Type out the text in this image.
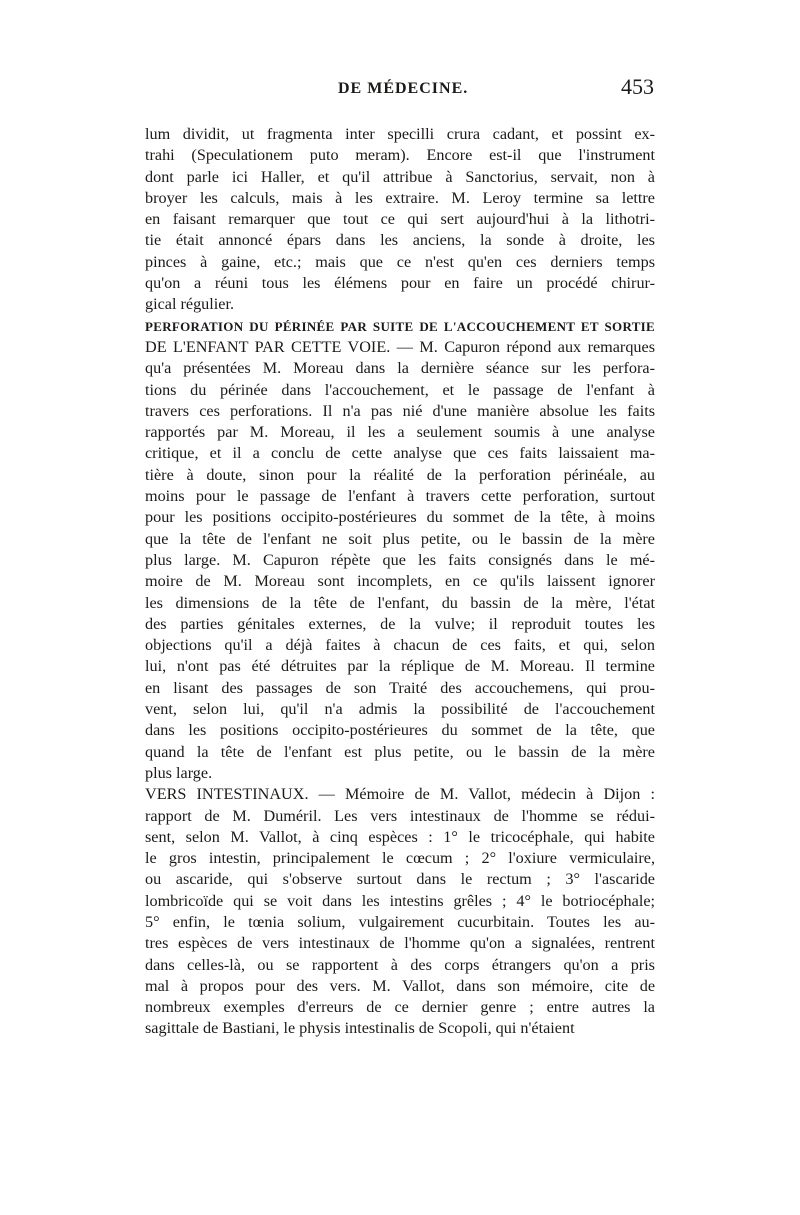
DE MÉDECINE.	453
lum dividit, ut fragmenta inter specilli crura cadant, et possint ex-
trahi (Speculationem puto meram). Encore est-il que l'instrument
dont parle ici Haller, et qu'il attribue à Sanctorius, servait, non à
broyer les calculs, mais à les extraire. M. Leroy termine sa lettre
en faisant remarquer que tout ce qui sert aujourd'hui à la lithotri-
tie était annoncé épars dans les anciens, la sonde à droite, les
pinces à gaine, etc.; mais que ce n'est qu'en ces derniers temps
qu'on a réuni tous les élémens pour en faire un procédé chirur-
gical régulier.
PERFORATION DU PÉRINÉE PAR SUITE DE L'ACCOUCHEMENT ET SORTIE
DE L'ENFANT PAR CETTE VOIE. — M. Capuron répond aux remarques
qu'a présentées M. Moreau dans la dernière séance sur les perfora-
tions du périnée dans l'accouchement, et le passage de l'enfant à
travers ces perforations. Il n'a pas nié d'une manière absolue les faits
rapportés par M. Moreau, il les a seulement soumis à une analyse
critique, et il a conclu de cette analyse que ces faits laissaient ma-
tière à doute, sinon pour la réalité de la perforation périnéale, au
moins pour le passage de l'enfant à travers cette perforation, surtout
pour les positions occipito-postérieures du sommet de la tête, à moins
que la tête de l'enfant ne soit plus petite, ou le bassin de la mère
plus large. M. Capuron répète que les faits consignés dans le mé-
moire de M. Moreau sont incomplets, en ce qu'ils laissent ignorer
les dimensions de la tête de l'enfant, du bassin de la mère, l'état
des parties génitales externes, de la vulve; il reproduit toutes les
objections qu'il a déjà faites à chacun de ces faits, et qui, selon
lui, n'ont pas été détruites par la réplique de M. Moreau. Il termine
en lisant des passages de son Traité des accouchemens, qui prou-
vent, selon lui, qu'il n'a admis la possibilité de l'accouchement
dans les positions occipito-postérieures du sommet de la tête, que
quand la tête de l'enfant est plus petite, ou le bassin de la mère
plus large.
VERS INTESTINAUX. — Mémoire de M. Vallot, médecin à Dijon :
rapport de M. Duméril. Les vers intestinaux de l'homme se rédui-
sent, selon M. Vallot, à cinq espèces : 1° le tricocéphale, qui habite
le gros intestin, principalement le cœcum ; 2° l'oxiure vermiculaire,
ou ascaride, qui s'observe surtout dans le rectum ; 3° l'ascaride
lombricoïde qui se voit dans les intestins grêles ; 4° le botriocéphale;
5° enfin, le tœnia solium, vulgairement cucurbitain. Toutes les au-
tres espèces de vers intestinaux de l'homme qu'on a signalées, rentrent
dans celles-là, ou se rapportent à des corps étrangers qu'on a pris
mal à propos pour des vers. M. Vallot, dans son mémoire, cite de
nombreux exemples d'erreurs de ce dernier genre ; entre autres la
sagittale de Bastiani, le physis intestinalis de Scopoli, qui n'étaient
